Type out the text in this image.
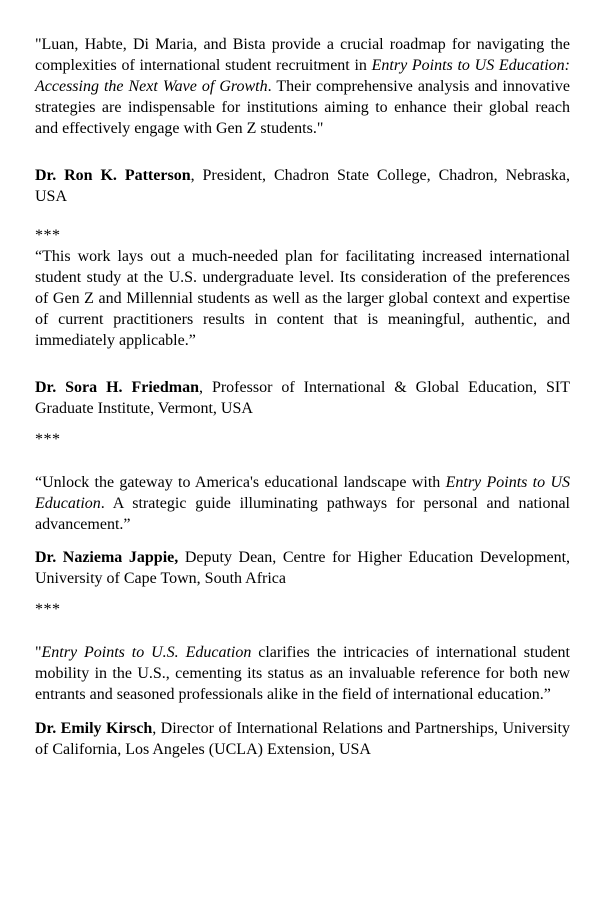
"Luan, Habte, Di Maria, and Bista provide a crucial roadmap for navigating the complexities of international student recruitment in Entry Points to US Education: Accessing the Next Wave of Growth. Their comprehensive analysis and innovative strategies are indispensable for institutions aiming to enhance their global reach and effectively engage with Gen Z students."

Dr. Ron K. Patterson, President, Chadron State College, Chadron, Nebraska, USA

***

“This work lays out a much-needed plan for facilitating increased international student study at the U.S. undergraduate level. Its consideration of the preferences of Gen Z and Millennial students as well as the larger global context and expertise of current practitioners results in content that is meaningful, authentic, and immediately applicable.”

Dr. Sora H. Friedman, Professor of International & Global Education, SIT Graduate Institute, Vermont, USA

***

“Unlock the gateway to America's educational landscape with Entry Points to US Education. A strategic guide illuminating pathways for personal and national advancement.”

Dr. Naziema Jappie, Deputy Dean, Centre for Higher Education Development, University of Cape Town, South Africa

***

"Entry Points to U.S. Education clarifies the intricacies of international student mobility in the U.S., cementing its status as an invaluable reference for both new entrants and seasoned professionals alike in the field of international education.”

Dr. Emily Kirsch, Director of International Relations and Partnerships, University of California, Los Angeles (UCLA) Extension, USA
